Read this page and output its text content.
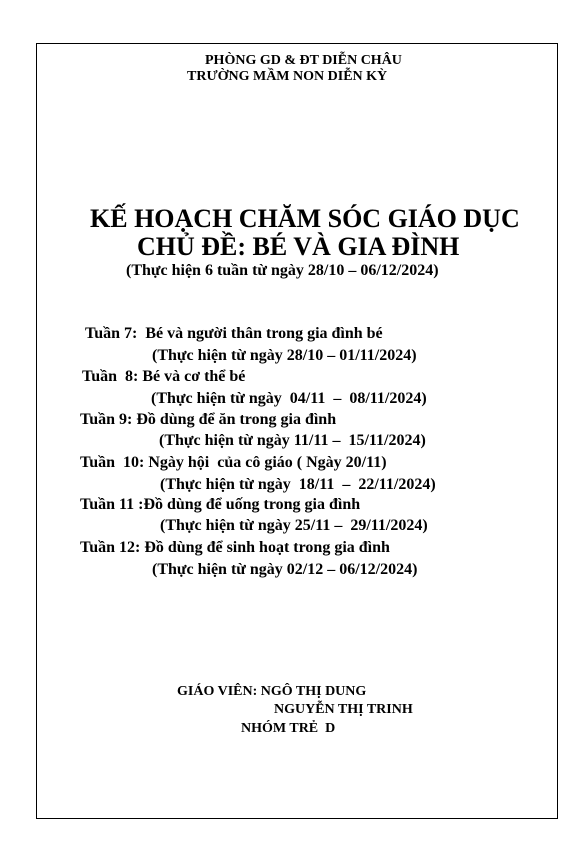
PHÒNG GD & ĐT DIỄN CHÂU
TRƯỜNG MẦM NON DIỄN KỲ
KẾ HOẠCH CHĂM SÓC GIÁO DỤC
CHỦ ĐỀ: BÉ VÀ GIA ĐÌNH
(Thực hiện 6 tuần từ ngày 28/10 – 06/12/2024)
Tuần 7:  Bé và người thân trong gia đình bé
(Thực hiện từ ngày 28/10 – 01/11/2024)
Tuần  8: Bé và cơ thể bé
(Thực hiện từ ngày  04/11  –  08/11/2024)
Tuần 9: Đồ dùng để ăn trong gia đình
(Thực hiện từ ngày 11/11 –  15/11/2024)
Tuần  10: Ngày hội  của cô giáo ( Ngày 20/11)
(Thực hiện từ ngày  18/11  –  22/11/2024)
Tuần 11 :Đồ dùng để uống trong gia đình
(Thực hiện từ ngày 25/11 –  29/11/2024)
Tuần 12: Đồ dùng để sinh hoạt trong gia đình
(Thực hiện từ ngày 02/12 – 06/12/2024)
GIÁO VIÊN: NGÔ THỊ DUNG
NGUYỄN THỊ TRINH
NHÓM TRẺ  D
